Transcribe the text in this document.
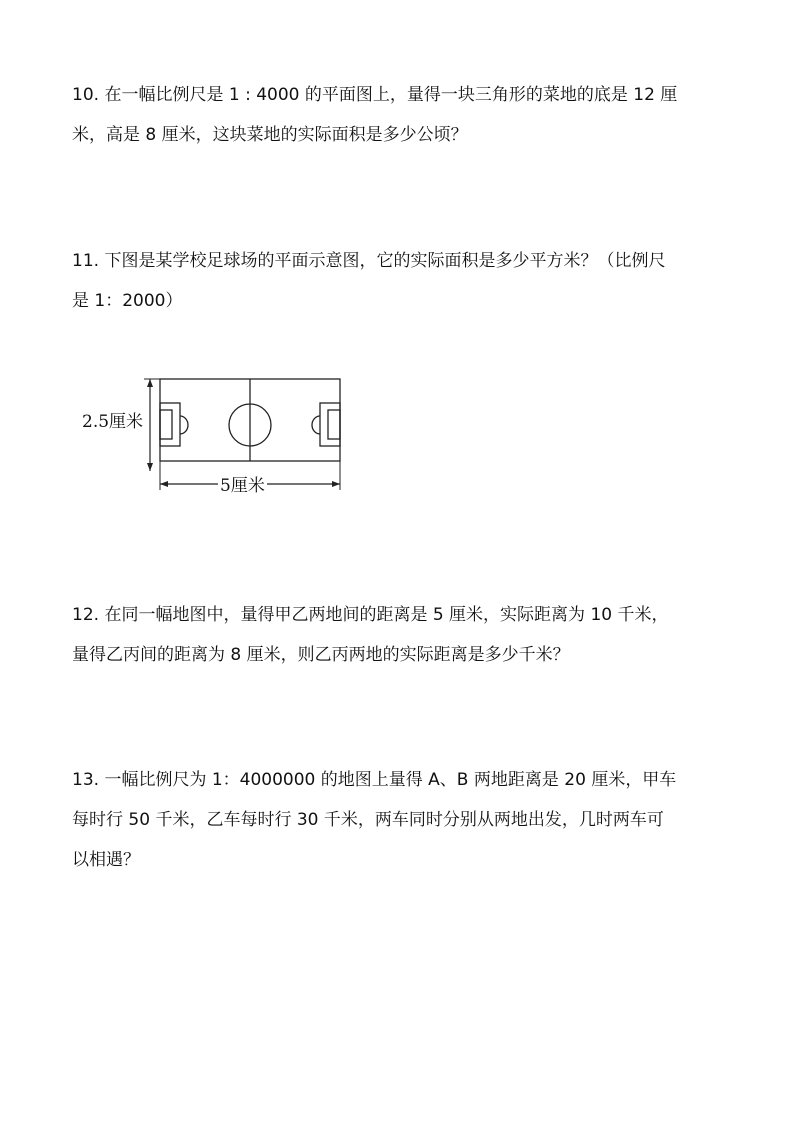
10. 在一幅比例尺是 1 : 4000 的平面图上，量得一块三角形的菜地的底是 12 厘

米，高是 8 厘米，这块菜地的实际面积是多少公顷？

11. 下图是某学校足球场的平面示意图，它的实际面积是多少平方米？（比例尺

是 1：2000）

2.5厘米
5厘米

12. 在同一幅地图中，量得甲乙两地间的距离是 5 厘米，实际距离为 10 千米，

量得乙丙间的距离为 8 厘米，则乙丙两地的实际距离是多少千米？

13. 一幅比例尺为 1：4000000 的地图上量得 A、B 两地距离是 20 厘米，甲车

每时行 50 千米，乙车每时行 30 千米，两车同时分别从两地出发，几时两车可

以相遇？
